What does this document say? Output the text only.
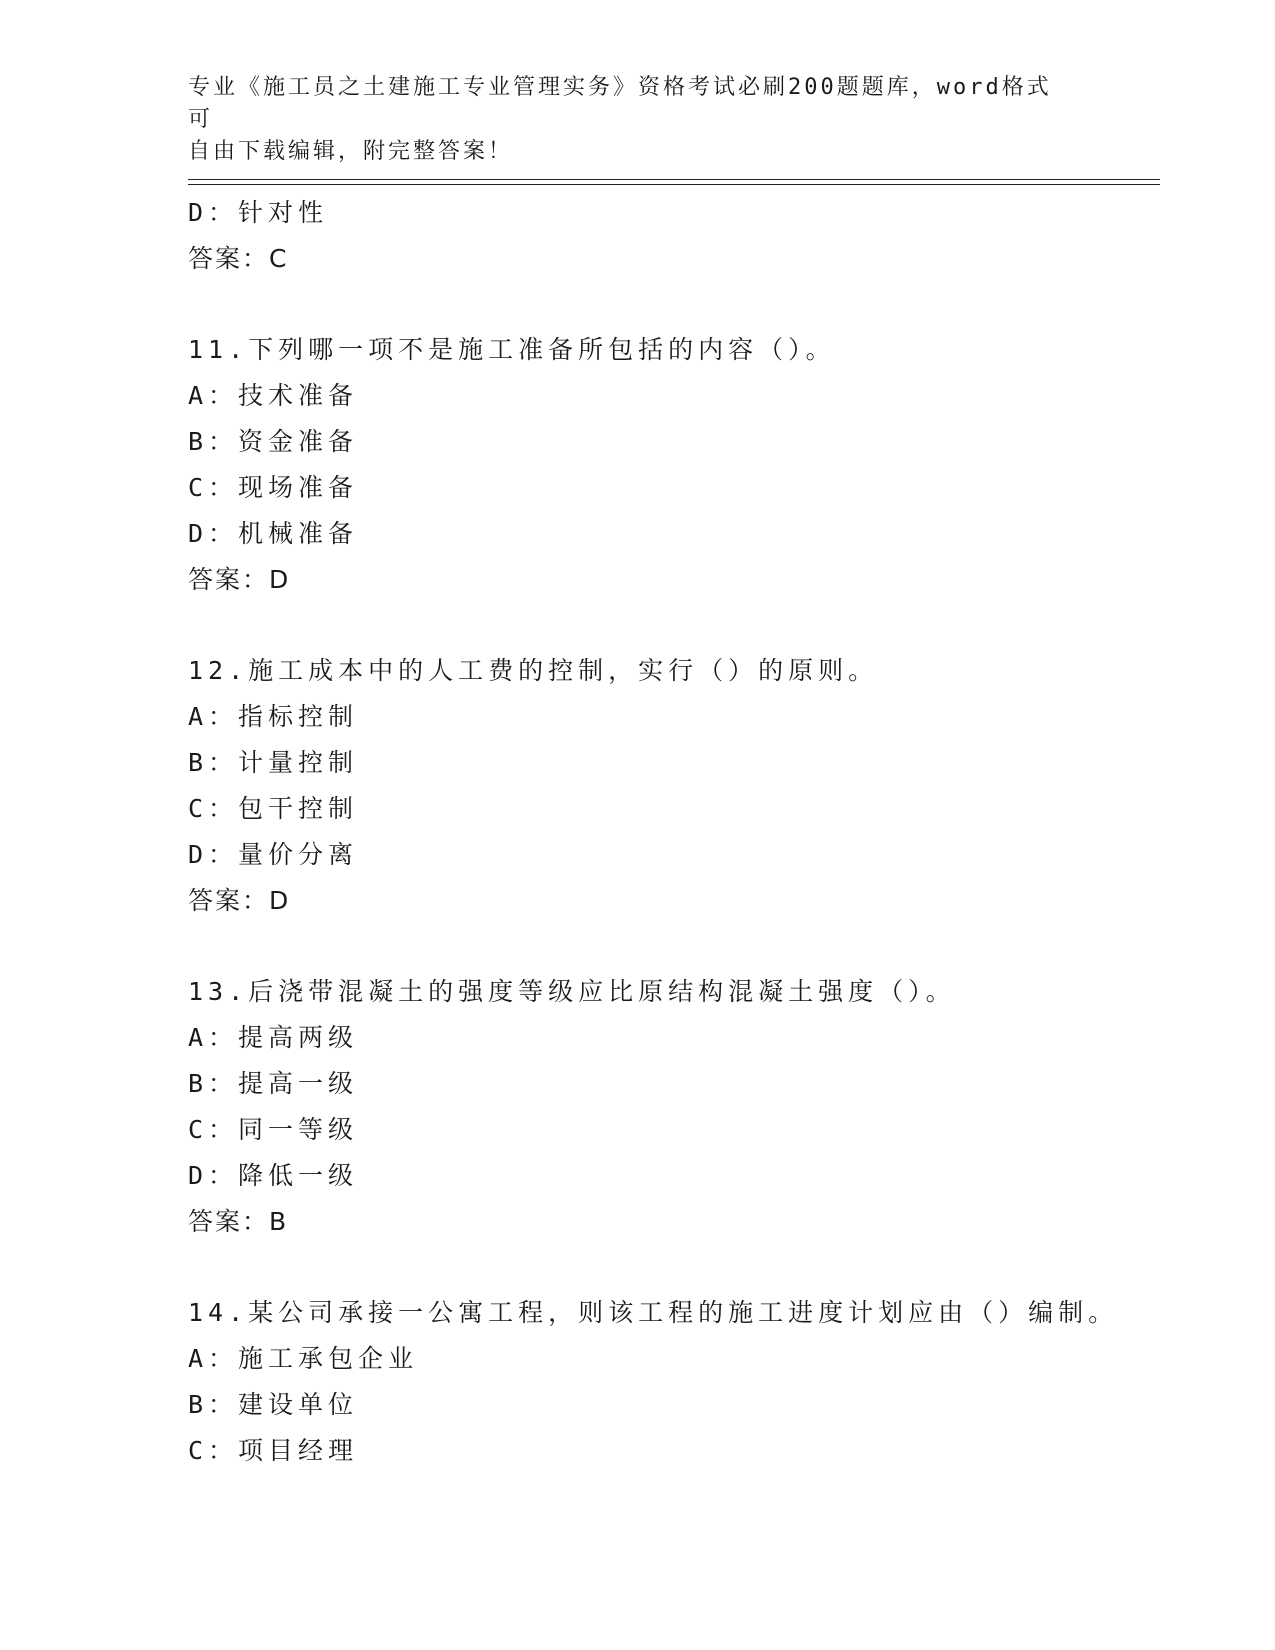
专业《施工员之土建施工专业管理实务》资格考试必刷200题题库，word格式可
自由下载编辑，附完整答案！
D：针对性
答案：C
11.下列哪一项不是施工准备所包括的内容（）。
A：技术准备
B：资金准备
C：现场准备
D：机械准备
答案：D
12.施工成本中的人工费的控制，实行（）的原则。
A：指标控制
B：计量控制
C：包干控制
D：量价分离
答案：D
13.后浇带混凝土的强度等级应比原结构混凝土强度（）。
A：提高两级
B：提高一级
C：同一等级
D：降低一级
答案：B
14.某公司承接一公寓工程，则该工程的施工进度计划应由（）编制。
A：施工承包企业
B：建设单位
C：项目经理
